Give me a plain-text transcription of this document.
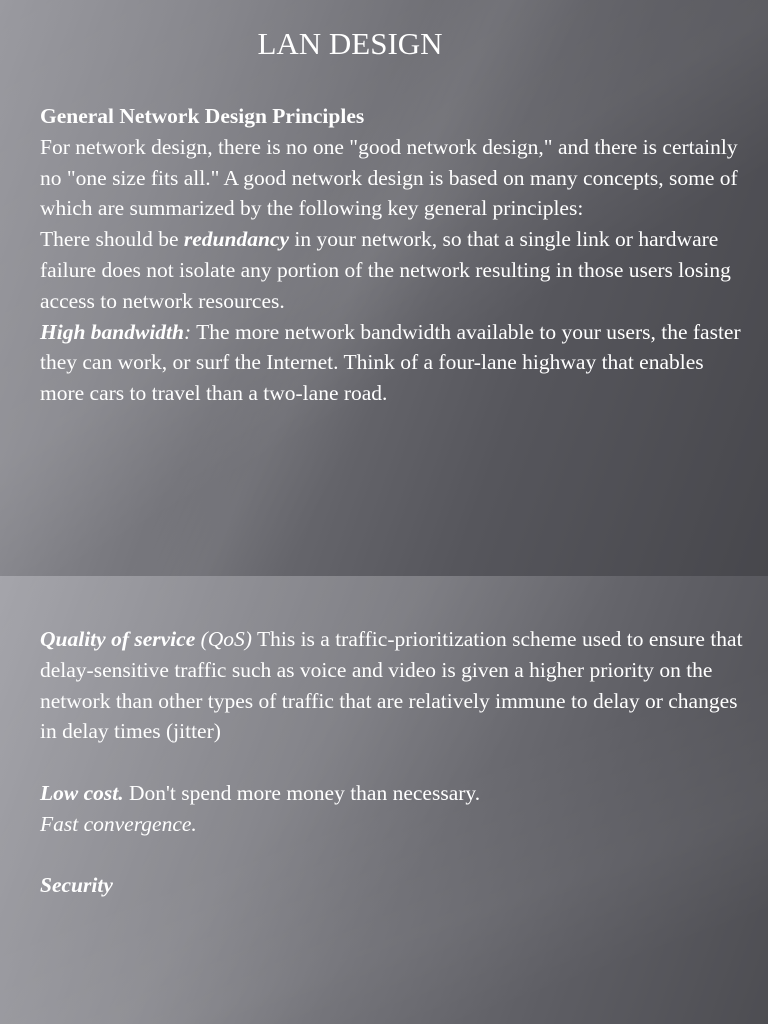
LAN DESIGN

General Network Design Principles

For network design, there is no one "good network design," and there is certainly no "one size fits all." A good network design is based on many concepts, some of which are summarized by the following key general principles:

There should be redundancy in your network, so that a single link or hardware failure does not isolate any portion of the network resulting in those users losing access to network resources.

High bandwidth: The more network bandwidth available to your users, the faster they can work, or surf the Internet. Think of a four-lane highway that enables more cars to travel than a two-lane road.

Quality of service (QoS) This is a traffic-prioritization scheme used to ensure that delay-sensitive traffic such as voice and video is given a higher priority on the network than other types of traffic that are relatively immune to delay or changes in delay times (jitter)

Low cost. Don't spend more money than necessary.

Fast convergence.

Security
